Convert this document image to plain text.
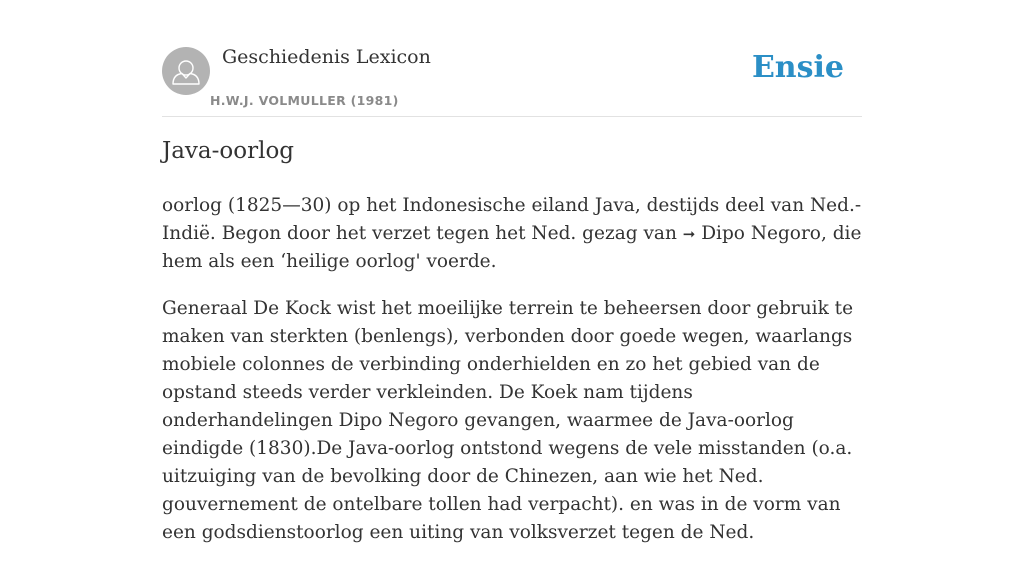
Geschiedenis Lexicon
H.W.J. VOLMULLER (1981)
Ensie
Java-oorlog

oorlog (1825—30) op het Indonesische eiland Java, destijds deel van Ned.-Indië. Begon door het verzet tegen het Ned. gezag van ➞ Dipo Negoro, die hem als een ‘heilige oorlog' voerde.

Generaal De Kock wist het moeilijke terrein te beheersen door gebruik te maken van sterkten (benlengs), verbonden door goede wegen, waarlangs mobiele colonnes de verbinding onderhielden en zo het gebied van de opstand steeds verder verkleinden. De Koek nam tijdens onderhandelingen Dipo Negoro gevangen, waarmee de Java-oorlog eindigde (1830).De Java-oorlog ontstond wegens de vele misstanden (o.a. uitzuiging van de bevolking door de Chinezen, aan wie het Ned. gouvernement de ontelbare tollen had verpacht). en was in de vorm van een godsdienstoorlog een uiting van volksverzet tegen de Ned.
